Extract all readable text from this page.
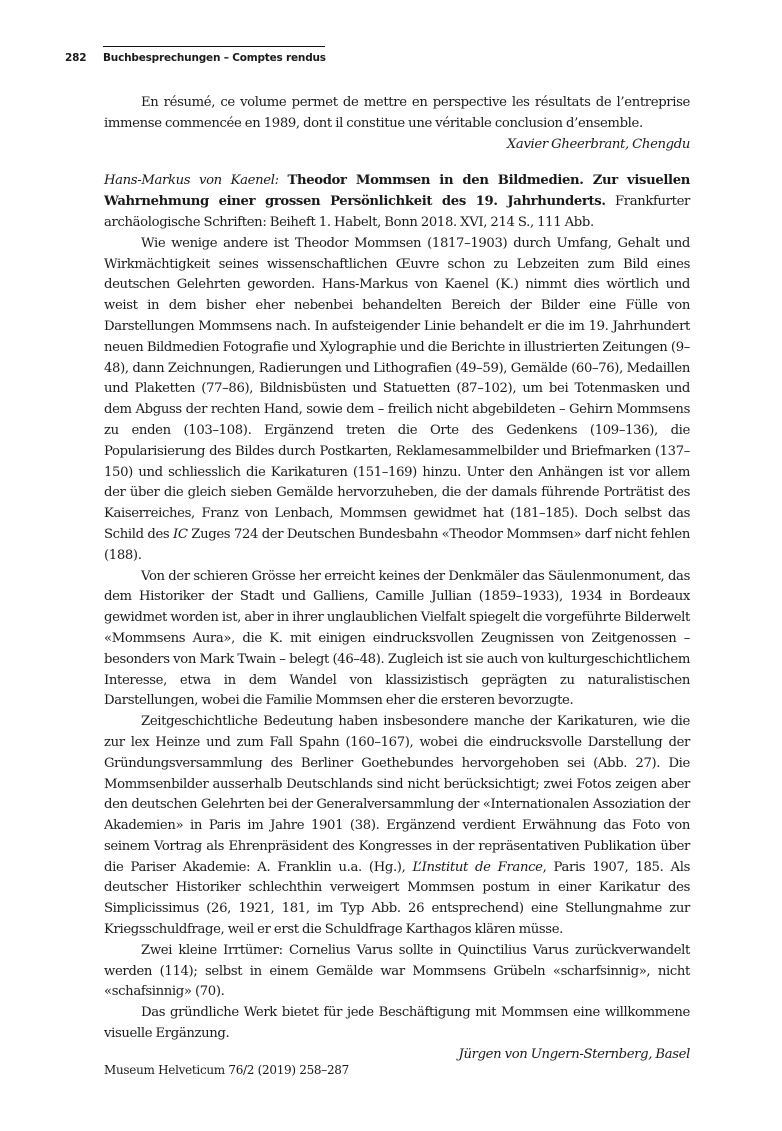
282 Buchbesprechungen – Comptes rendus

En résumé, ce volume permet de mettre en perspective les résultats de l’entreprise immense commencée en 1989, dont il constitue une véritable conclusion d’ensemble.

Xavier Gheerbrant, Chengdu

Hans-Markus von Kaenel: Theodor Mommsen in den Bildmedien. Zur visuellen Wahrnehmung einer grossen Persönlichkeit des 19. Jahrhunderts. Frankfurter archäologische Schriften: Beiheft 1. Habelt, Bonn 2018. XVI, 214 S., 111 Abb.

Wie wenige andere ist Theodor Mommsen (1817–1903) durch Umfang, Gehalt und Wirkmächtigkeit seines wissenschaftlichen Œuvre schon zu Lebzeiten zum Bild eines deutschen Gelehrten geworden. Hans-Markus von Kaenel (K.) nimmt dies wörtlich und weist in dem bisher eher nebenbei behandelten Bereich der Bilder eine Fülle von Darstellungen Mommsens nach. In aufsteigender Linie behandelt er die im 19. Jahrhundert neuen Bildmedien Fotografie und Xylographie und die Berichte in illustrierten Zeitungen (9–48), dann Zeichnungen, Radierungen und Lithografien (49–59), Gemälde (60–76), Medaillen und Plaketten (77–86), Bildnisbüsten und Statuetten (87–102), um bei Totenmasken und dem Abguss der rechten Hand, sowie dem – freilich nicht abgebildeten – Gehirn Mommsens zu enden (103–108). Ergänzend treten die Orte des Gedenkens (109–136), die Popularisierung des Bildes durch Postkarten, Reklamesammelbilder und Briefmarken (137–150) und schliesslich die Karikaturen (151–169) hinzu. Unter den Anhängen ist vor allem der über die gleich sieben Gemälde hervorzuheben, die der damals führende Porträtist des Kaiserreiches, Franz von Lenbach, Mommsen gewidmet hat (181–185). Doch selbst das Schild des IC Zuges 724 der Deutschen Bundesbahn «Theodor Mommsen» darf nicht fehlen (188).

Von der schieren Grösse her erreicht keines der Denkmäler das Säulenmonument, das dem Historiker der Stadt und Galliens, Camille Jullian (1859–1933), 1934 in Bordeaux gewidmet worden ist, aber in ihrer unglaublichen Vielfalt spiegelt die vorgeführte Bilderwelt «Mommsens Aura», die K. mit einigen eindrucksvollen Zeugnissen von Zeitgenossen – besonders von Mark Twain – belegt (46–48). Zugleich ist sie auch von kulturgeschichtlichem Interesse, etwa in dem Wandel von klassizistisch geprägten zu naturalistischen Darstellungen, wobei die Familie Mommsen eher die ersteren bevorzugte.

Zeitgeschichtliche Bedeutung haben insbesondere manche der Karikaturen, wie die zur lex Heinze und zum Fall Spahn (160–167), wobei die eindrucksvolle Darstellung der Gründungsversammlung des Berliner Goethebundes hervorgehoben sei (Abb. 27). Die Mommsenbilder ausserhalb Deutschlands sind nicht berücksichtigt; zwei Fotos zeigen aber den deutschen Gelehrten bei der Generalversammlung der «Internationalen Assoziation der Akademien» in Paris im Jahre 1901 (38). Ergänzend verdient Erwähnung das Foto von seinem Vortrag als Ehrenpräsident des Kongresses in der repräsentativen Publikation über die Pariser Akademie: A. Franklin u.a. (Hg.), L’Institut de France, Paris 1907, 185. Als deutscher Historiker schlechthin verweigert Mommsen postum in einer Karikatur des Simplicissimus (26, 1921, 181, im Typ Abb. 26 entsprechend) eine Stellungnahme zur Kriegsschuldfrage, weil er erst die Schuldfrage Karthagos klären müsse.

Zwei kleine Irrtümer: Cornelius Varus sollte in Quinctilius Varus zurückverwandelt werden (114); selbst in einem Gemälde war Mommsens Grübeln «scharfsinnig», nicht «schafsinnig» (70).

Das gründliche Werk bietet für jede Beschäftigung mit Mommsen eine willkommene visuelle Ergänzung.

Jürgen von Ungern-Sternberg, Basel

Museum Helveticum 76/2 (2019) 258–287
